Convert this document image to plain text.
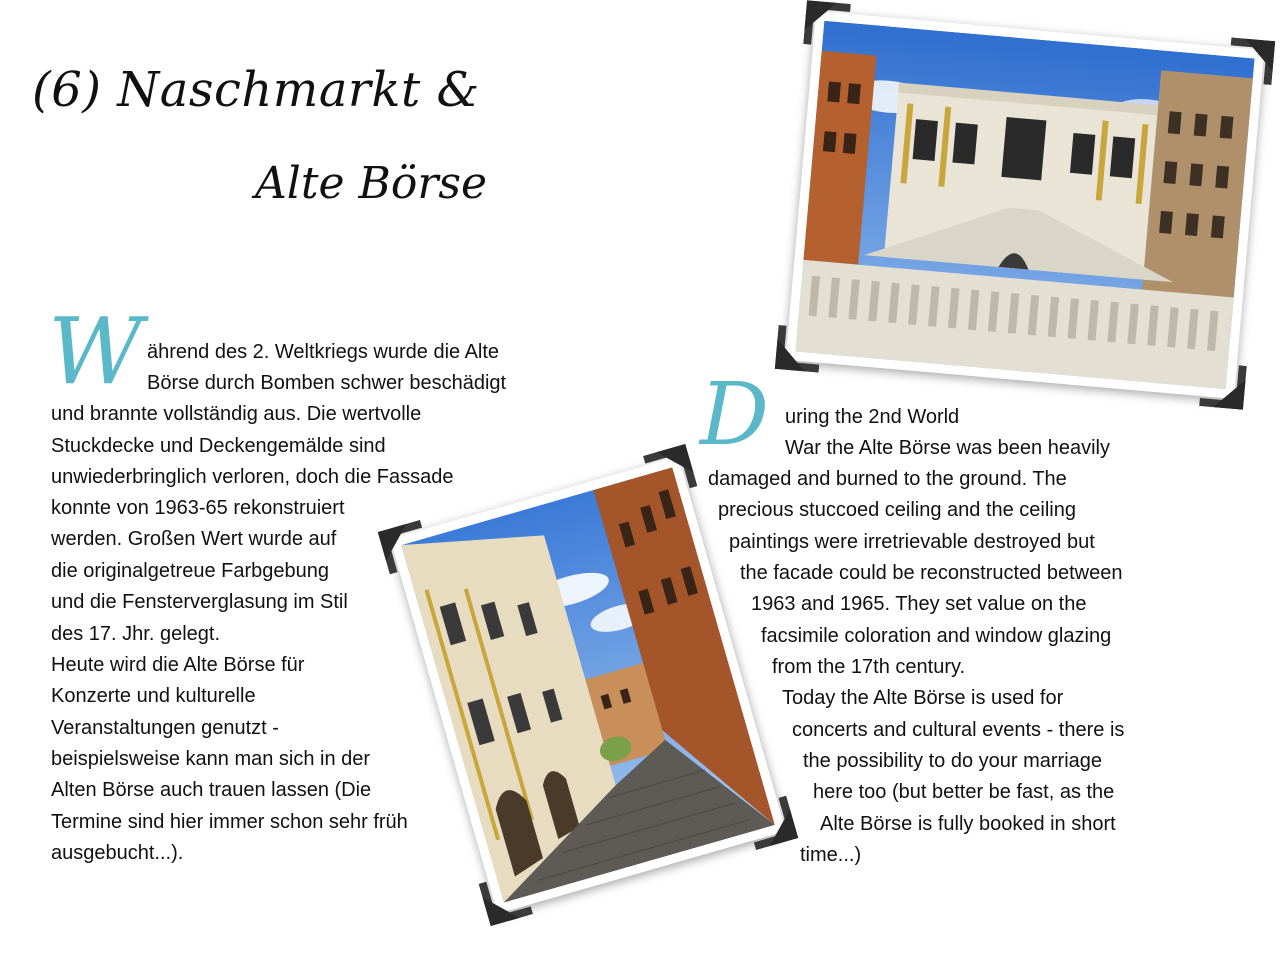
(6) Naschmarkt &
Alte Börse
W ährend des 2. Weltkriegs wurde die Alte
Börse durch Bomben schwer beschädigt
und brannte vollständig aus. Die wertvolle
Stuckdecke und Deckengemälde sind
unwiederbringlich verloren, doch die Fassade
konnte von 1963-65 rekonstruiert
werden. Großen Wert wurde auf
die originalgetreue Farbgebung
und die Fensterverglasung im Stil
des 17. Jhr. gelegt.
Heute wird die Alte Börse für
Konzerte und kulturelle
Veranstaltungen genutzt -
beispielsweise kann man sich in der
Alten Börse auch trauen lassen (Die
Termine sind hier immer schon sehr früh
ausgebucht...).
D uring the 2nd World
War the Alte Börse was been heavily
damaged and burned to the ground. The
precious stuccoed ceiling and the ceiling
paintings were irretrievable destroyed but
the facade could be reconstructed between
1963 and 1965. They set value on the
facsimile coloration and window glazing
from the 17th century.
Today the Alte Börse is used for
concerts and cultural events - there is
the possibility to do your marriage
here too (but better be fast, as the
Alte Börse is fully booked in short
time...)
